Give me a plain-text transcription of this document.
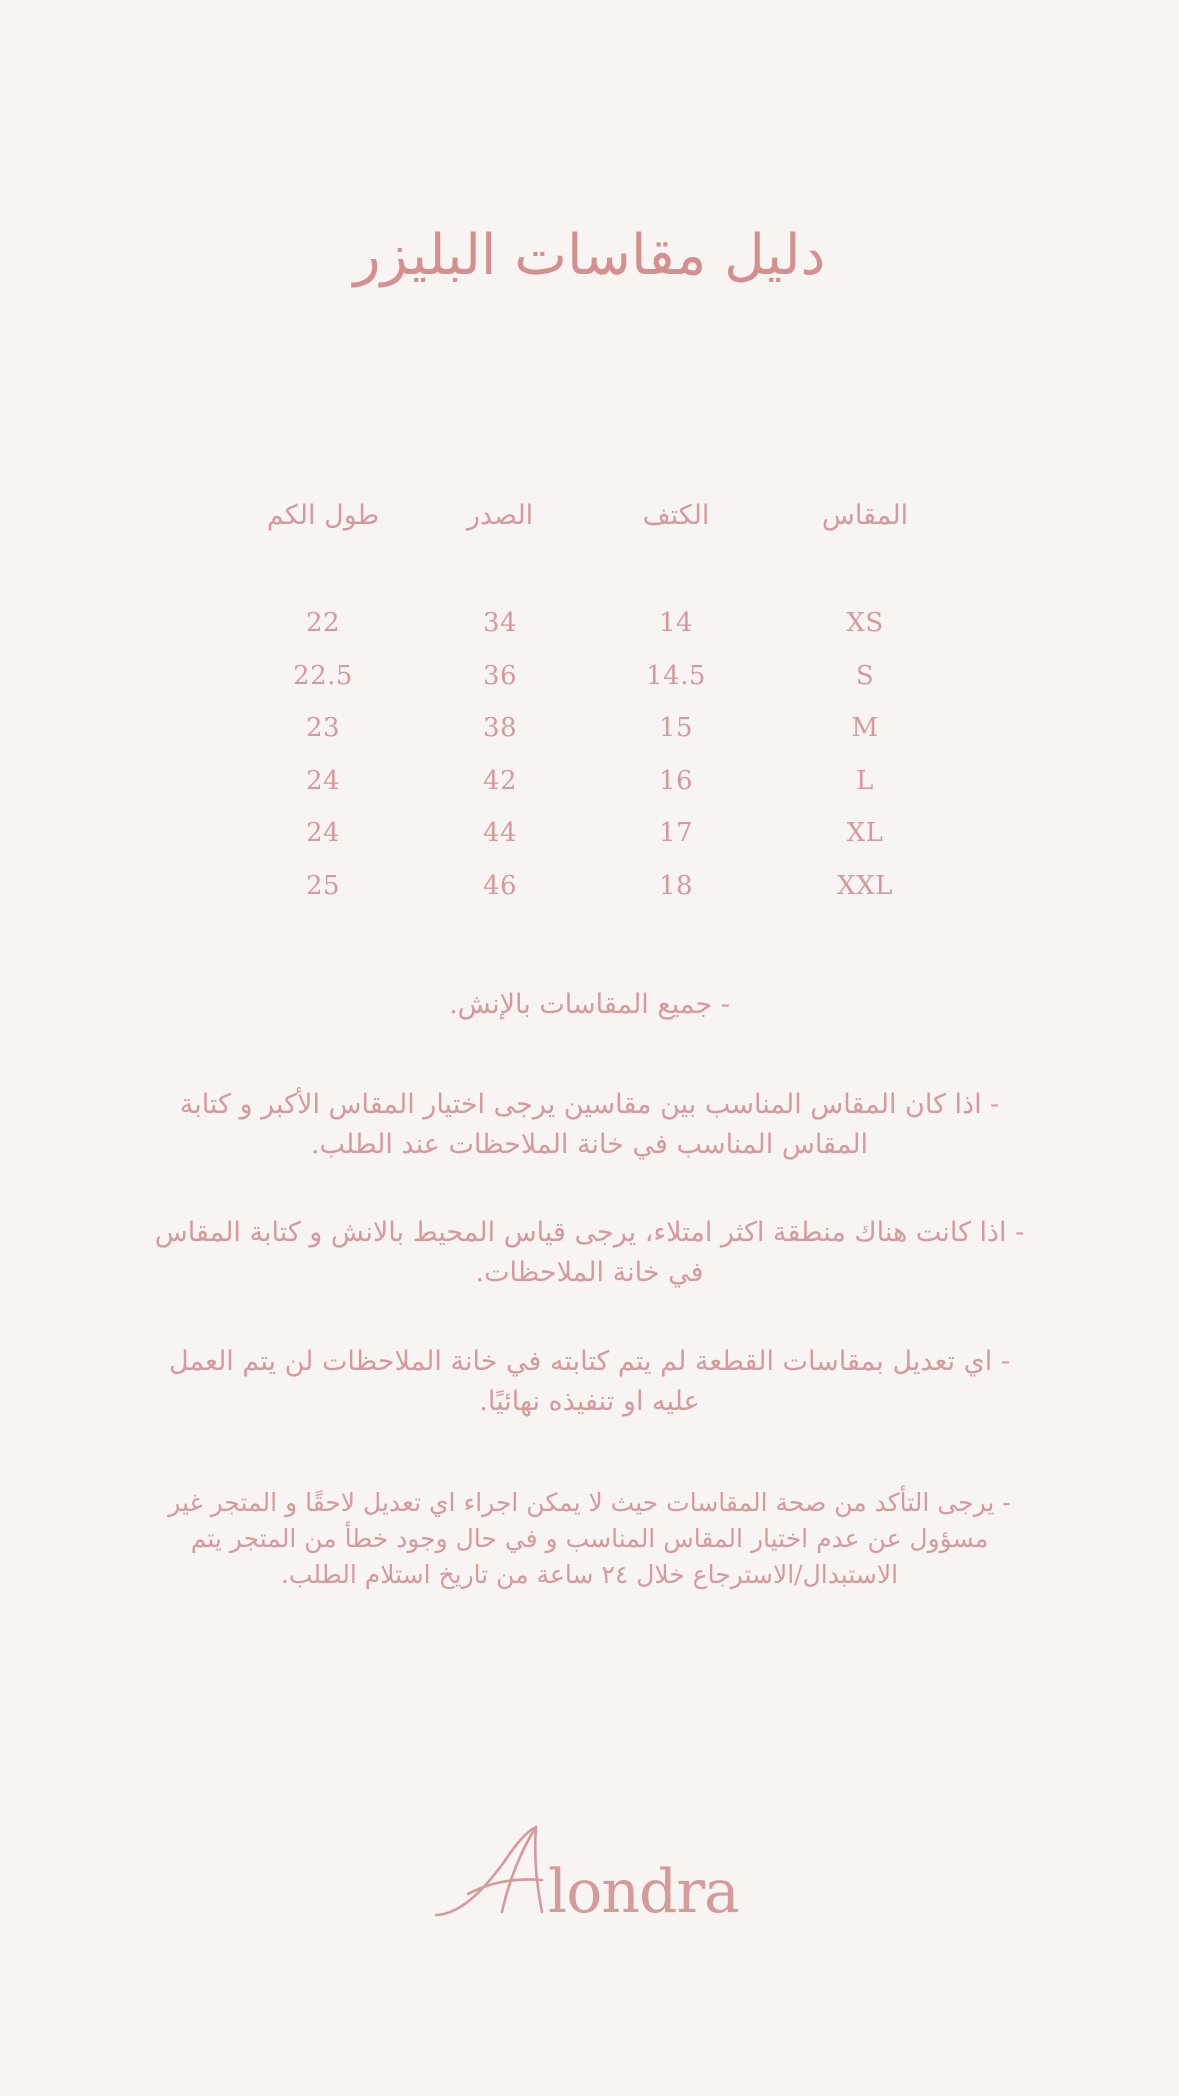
دليل مقاسات البليزر
المقاس
الكتف
الصدر
طول الكم
XS
14
34
22
S
14.5
36
22.5
M
15
38
23
L
16
42
24
XL
17
44
24
XXL
18
46
25
- جميع المقاسات بالإنش.
- اذا كان المقاس المناسب بين مقاسين يرجى اختيار المقاس الأكبر و كتابة المقاس المناسب في خانة الملاحظات عند الطلب.
- اذا كانت هناك منطقة اكثر امتلاء، يرجى قياس المحيط بالانش و كتابة المقاس في خانة الملاحظات.
- اي تعديل بمقاسات القطعة لم يتم كتابته في خانة الملاحظات لن يتم العمل عليه او تنفيذه نهائيًا.
- يرجى التأكد من صحة المقاسات حيث لا يمكن اجراء اي تعديل لاحقًا و المتجر غير مسؤول عن عدم اختيار المقاس المناسب و في حال وجود خطأ من المتجر يتم الاستبدال/الاسترجاع خلال ٢٤ ساعة من تاريخ استلام الطلب.
londra
